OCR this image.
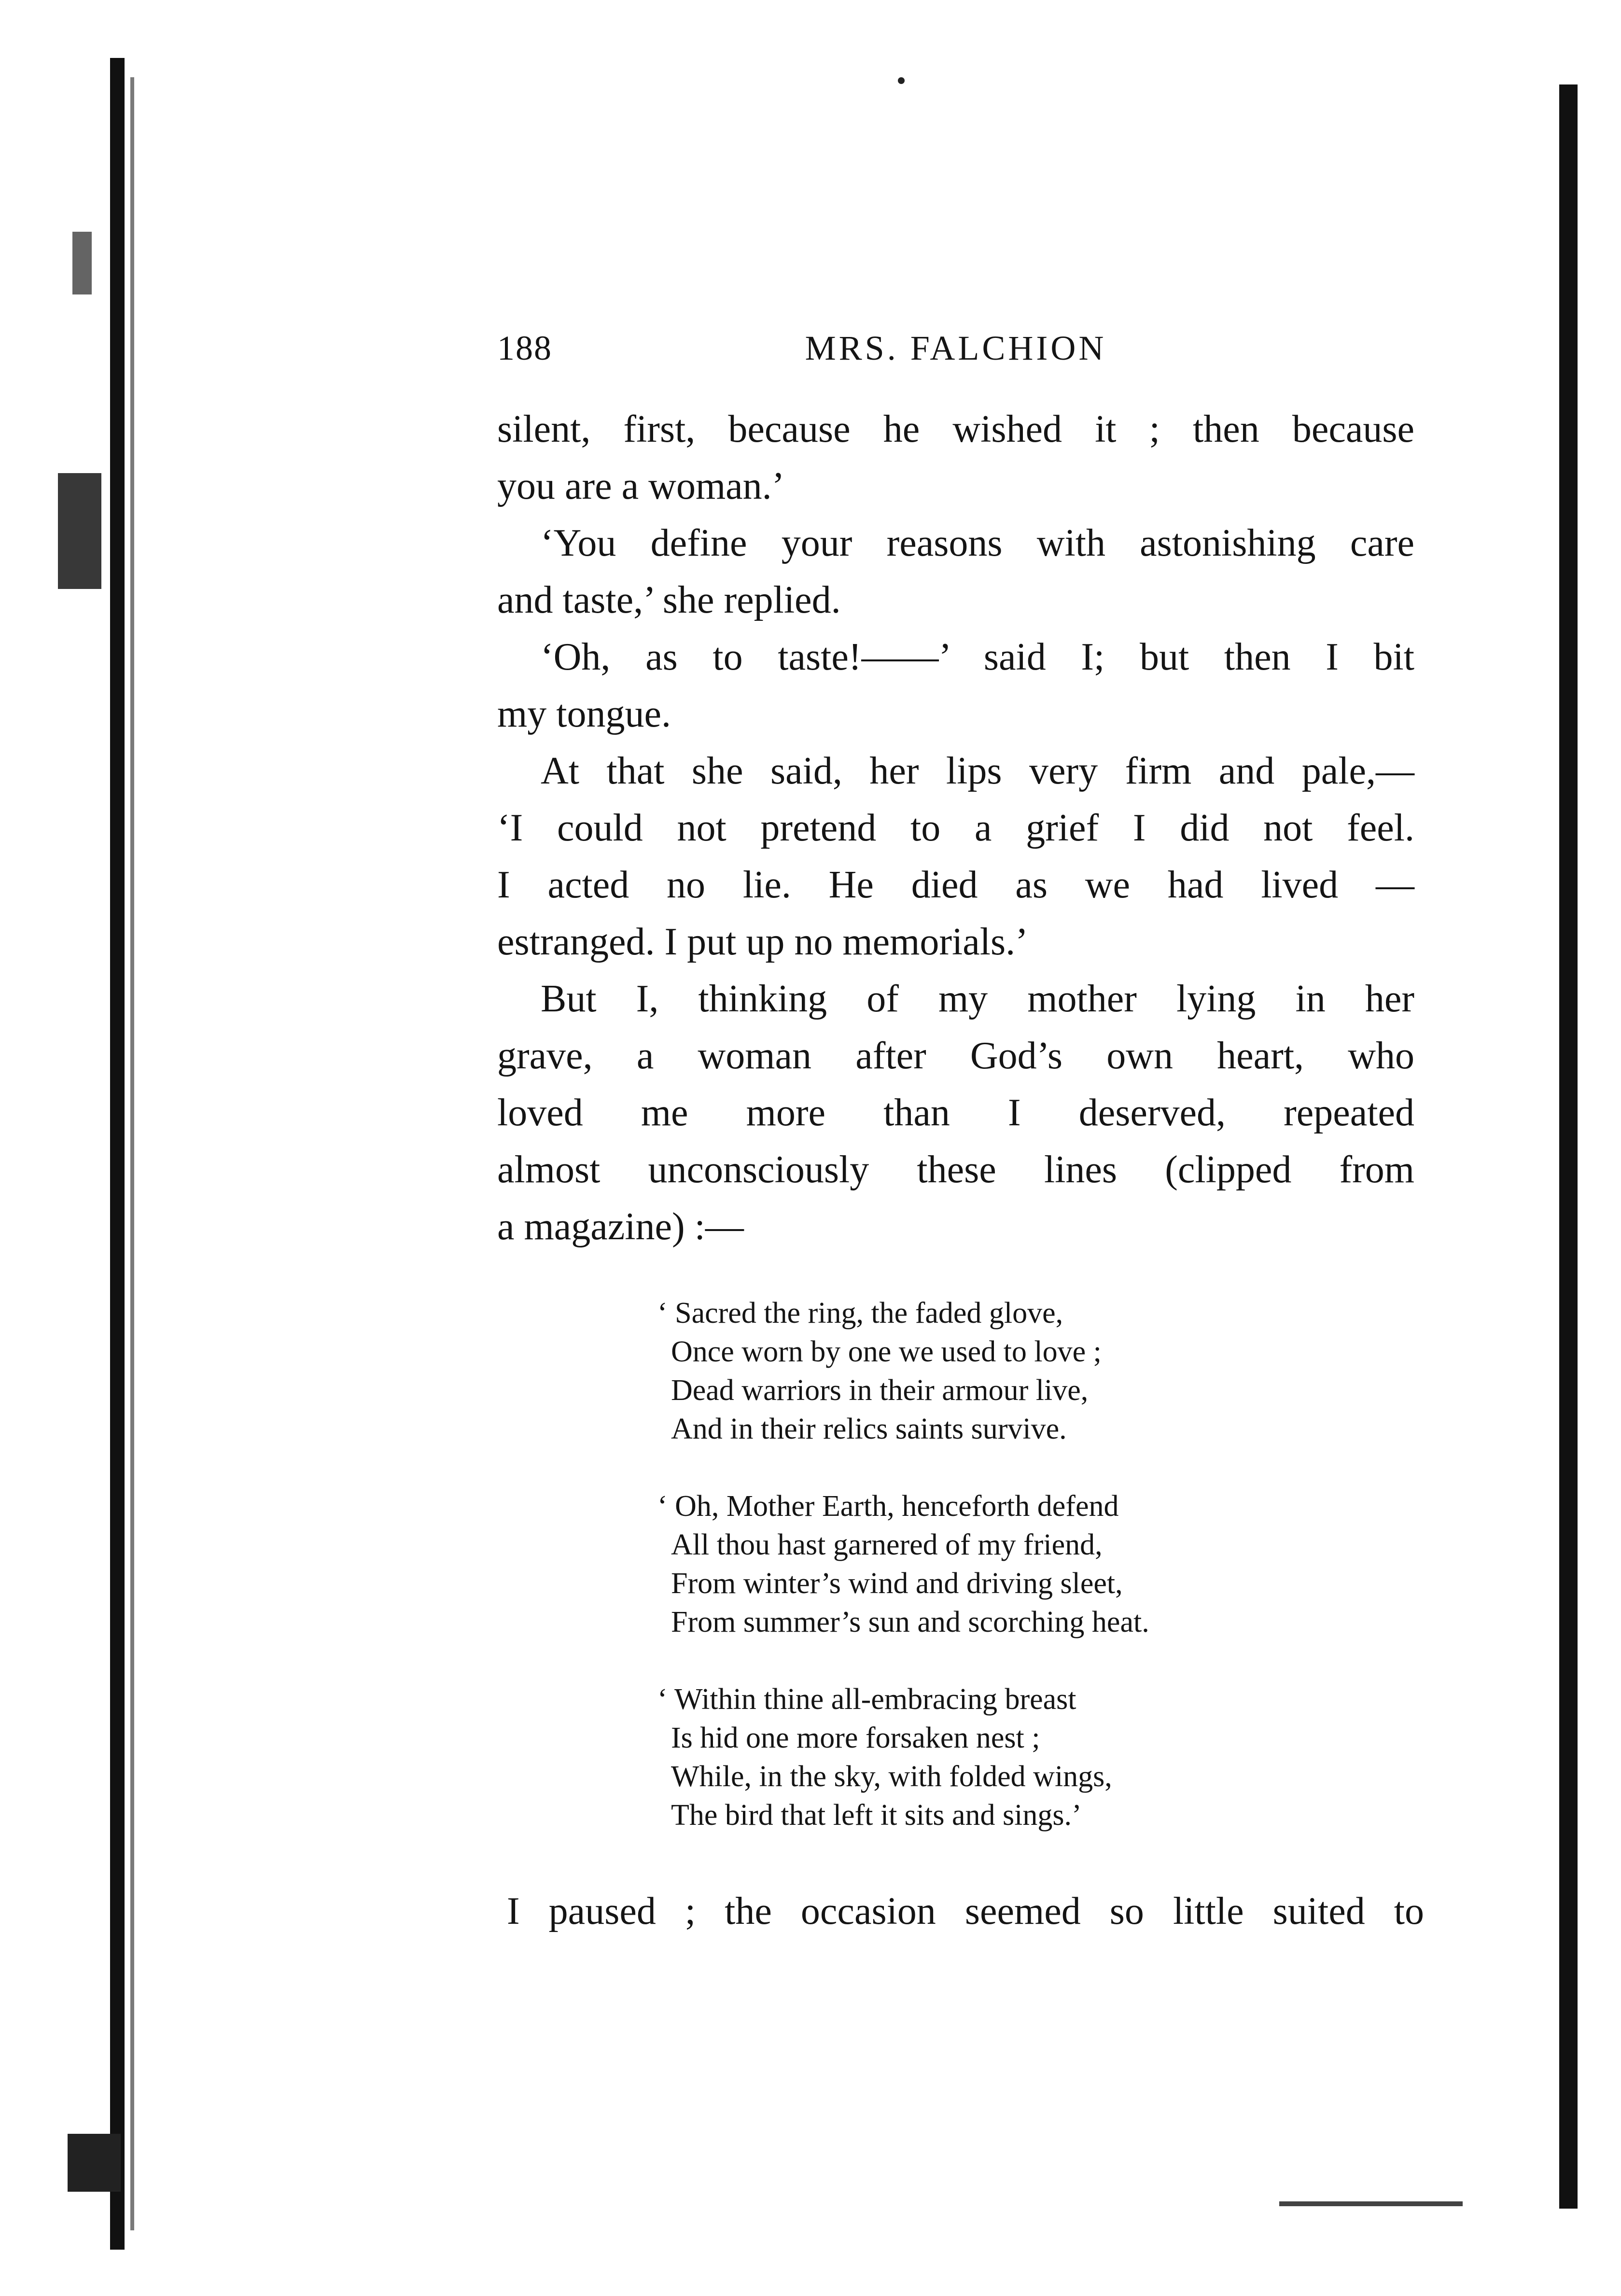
188	MRS. FALCHION
silent, first, because he wished it ; then because
you are a woman.’
‘You define your reasons with astonishing care
and taste,’ she replied.
‘Oh, as to taste!——’ said I; but then I bit
my tongue.
At that she said, her lips very firm and pale,—
‘I could not pretend to a grief I did not feel.
I acted no lie. He died as we had lived —
estranged. I put up no memorials.’
But I, thinking of my mother lying in her
grave, a woman after God’s own heart, who
loved me more than I deserved, repeated
almost unconsciously these lines (clipped from
a magazine) :—
‘ Sacred the ring, the faded glove,
Once worn by one we used to love ;
Dead warriors in their armour live,
And in their relics saints survive.
‘ Oh, Mother Earth, henceforth defend
All thou hast garnered of my friend,
From winter’s wind and driving sleet,
From summer’s sun and scorching heat.
‘ Within thine all-embracing breast
Is hid one more forsaken nest ;
While, in the sky, with folded wings,
The bird that left it sits and sings.’
I paused ; the occasion seemed so little suited to
